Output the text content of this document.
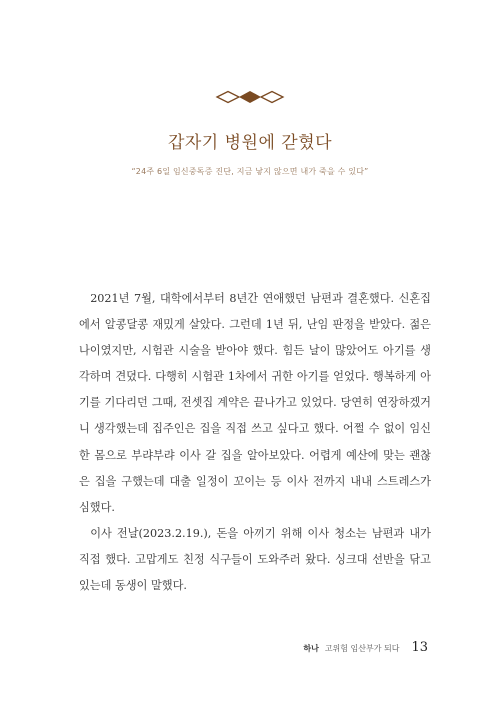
갑자기 병원에 갇혔다
“24주 6일 임신중독증 진단, 지금 낳지 않으면 내가 죽을 수 있다”

2021년 7월, 대학에서부터 8년간 연애했던 남편과 결혼했다. 신혼집에서 알콩달콩 재밌게 살았다. 그런데 1년 뒤, 난임 판정을 받았다. 젊은 나이였지만, 시험관 시술을 받아야 했다. 힘든 날이 많았어도 아기를 생각하며 견뎠다. 다행히 시험관 1차에서 귀한 아기를 얻었다. 행복하게 아기를 기다리던 그때, 전셋집 계약은 끝나가고 있었다. 당연히 연장하겠거니 생각했는데 집주인은 집을 직접 쓰고 싶다고 했다. 어쩔 수 없이 임신한 몸으로 부랴부랴 이사 갈 집을 알아보았다. 어렵게 예산에 맞는 괜찮은 집을 구했는데 대출 일정이 꼬이는 등 이사 전까지 내내 스트레스가 심했다.

이사 전날(2023.2.19.), 돈을 아끼기 위해 이사 청소는 남편과 내가 직접 했다. 고맙게도 친정 식구들이 도와주러 왔다. 싱크대 선반을 닦고 있는데 동생이 말했다.

하나 고위험 임산부가 되다 13
